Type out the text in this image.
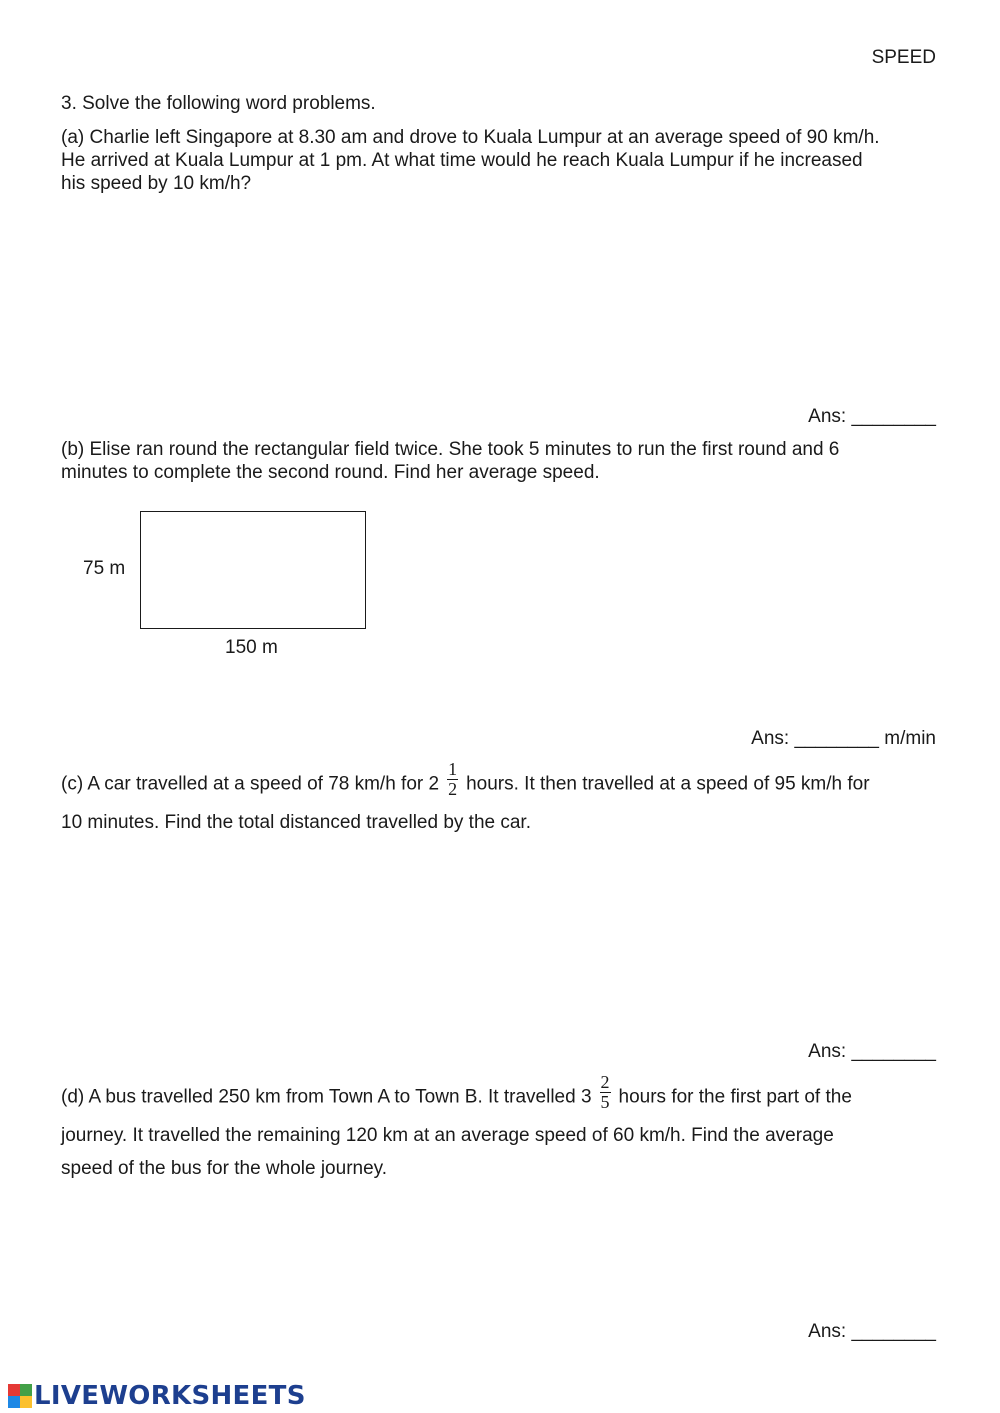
SPEED
3. Solve the following word problems.
(a) Charlie left Singapore at 8.30 am and drove to Kuala Lumpur at an average speed of 90 km/h.
He arrived at Kuala Lumpur at 1 pm. At what time would he reach Kuala Lumpur if he increased
his speed by 10 km/h?
Ans: ________
(b) Elise ran round the rectangular field twice. She took 5 minutes to run the first round and 6
minutes to complete the second round. Find her average speed.
75 m
150 m
Ans: ________ m/min
(c) A car travelled at a speed of 78 km/h for $2 \frac{1}{2}$ hours. It then travelled at a speed of 95 km/h for
10 minutes. Find the total distanced travelled by the car.
Ans: ________
(d) A bus travelled 250 km from Town A to Town B. It travelled $3 \frac{2}{5}$ hours for the first part of the
journey. It travelled the remaining 120 km at an average speed of 60 km/h. Find the average
speed of the bus for the whole journey.
Ans: ________
LIVEWORKSHEETS
